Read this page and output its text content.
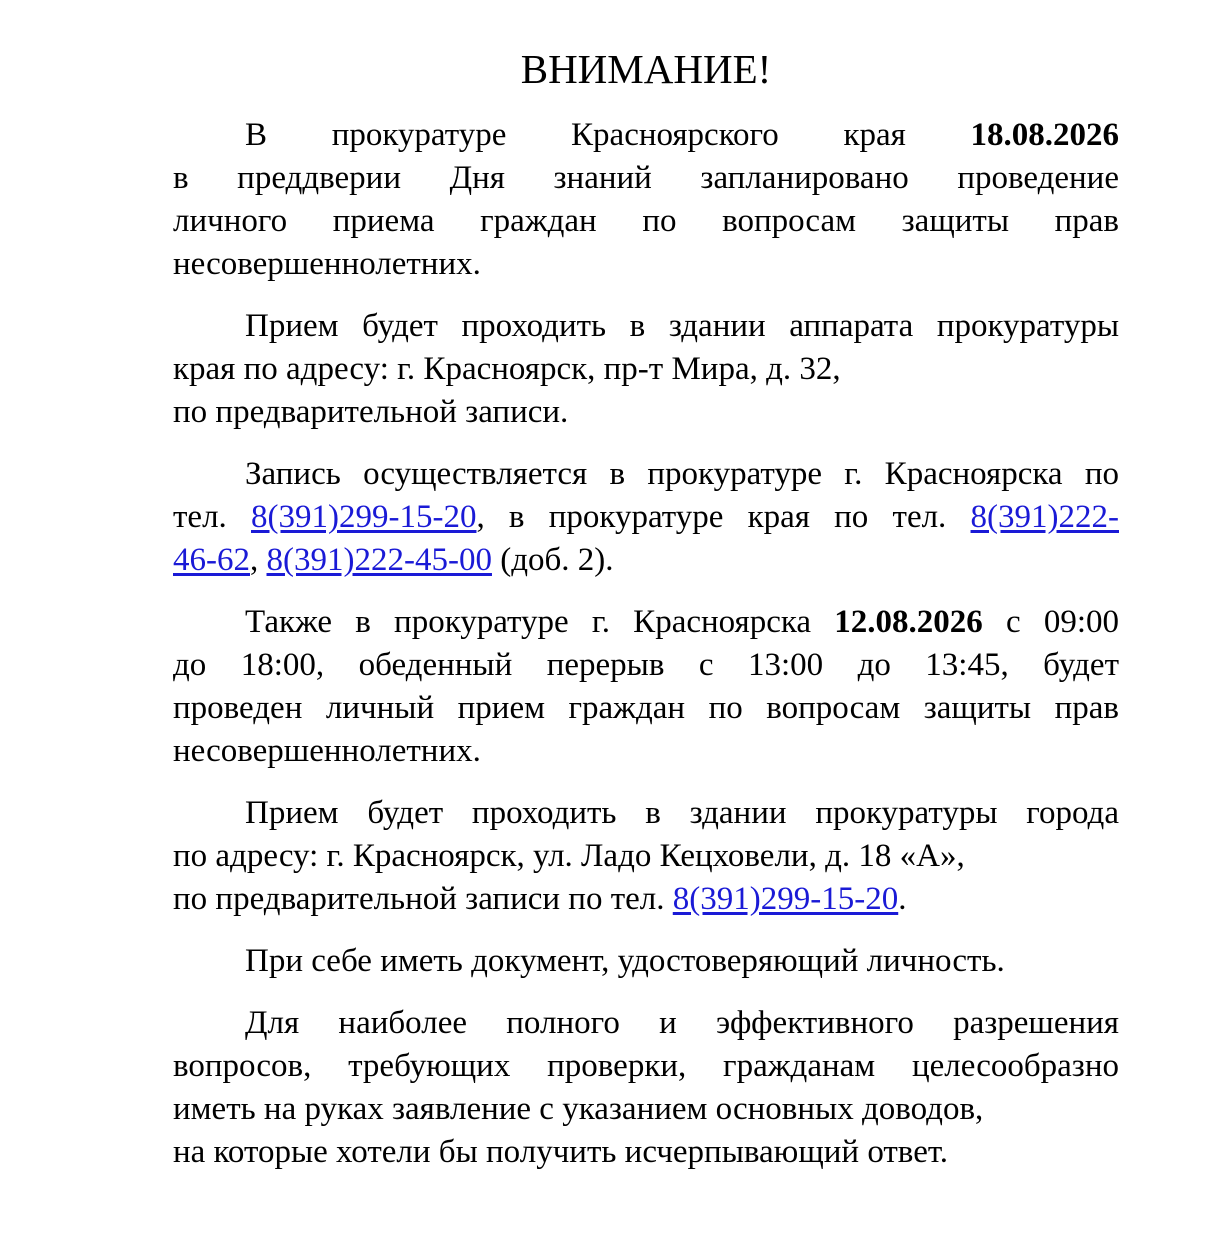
ВНИМАНИЕ!
В прокуратуре Красноярского края 18.08.2026
в преддверии Дня знаний запланировано проведение
личного приема граждан по вопросам защиты прав
несовершеннолетних.
Прием будет проходить в здании аппарата прокуратуры
края по адресу: г. Красноярск, пр-т Мира, д. 32,
по предварительной записи.
Запись осуществляется в прокуратуре г. Красноярска по
тел. 8(391)299-15-20, в прокуратуре края по тел. 8(391)222-
46-62, 8(391)222-45-00 (доб. 2).
Также в прокуратуре г. Красноярска 12.08.2026 с 09:00
до 18:00, обеденный перерыв с 13:00 до 13:45, будет
проведен личный прием граждан по вопросам защиты прав
несовершеннолетних.
Прием будет проходить в здании прокуратуры города
по адресу: г. Красноярск, ул. Ладо Кецховели, д. 18 «А»,
по предварительной записи по тел. 8(391)299-15-20.
При себе иметь документ, удостоверяющий личность.
Для наиболее полного и эффективного разрешения
вопросов, требующих проверки, гражданам целесообразно
иметь на руках заявление с указанием основных доводов,
на которые хотели бы получить исчерпывающий ответ.
